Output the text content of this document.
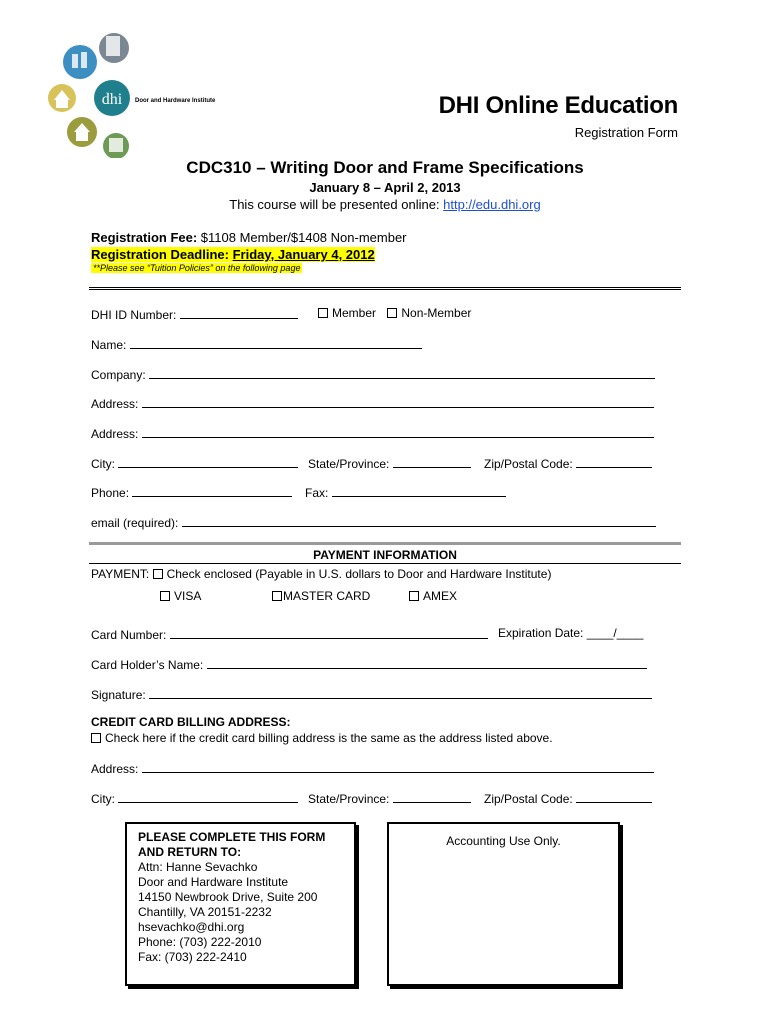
dhi Door and Hardware Institute	DHI Online Education
Registration Form
CDC310 – Writing Door and Frame Specifications
January 8 – April 2, 2013
This course will be presented online: http://edu.dhi.org
Registration Fee: $1108 Member/$1408 Non-member
Registration Deadline: Friday, January 4, 2012
**Please see “Tuition Policies” on the following page
DHI ID Number:	Member Non-Member
Name:
Company:
Address:
Address:
City:	State/Province:	Zip/Postal Code:
Phone:	Fax:
email (required):
PAYMENT INFORMATION
PAYMENT: Check enclosed (Payable in U.S. dollars to Door and Hardware Institute)
VISA	MASTER CARD	AMEX
Card Number:	Expiration Date: ____/____
Card Holder’s Name:
Signature:
CREDIT CARD BILLING ADDRESS:
Check here if the credit card billing address is the same as the address listed above.
Address:
City:	State/Province:	Zip/Postal Code:
PLEASE COMPLETE THIS FORM
AND RETURN TO:
Attn: Hanne Sevachko
Door and Hardware Institute
14150 Newbrook Drive, Suite 200
Chantilly, VA 20151-2232
hsevachko@dhi.org
Phone: (703) 222-2010
Fax: (703) 222-2410
Accounting Use Only.
